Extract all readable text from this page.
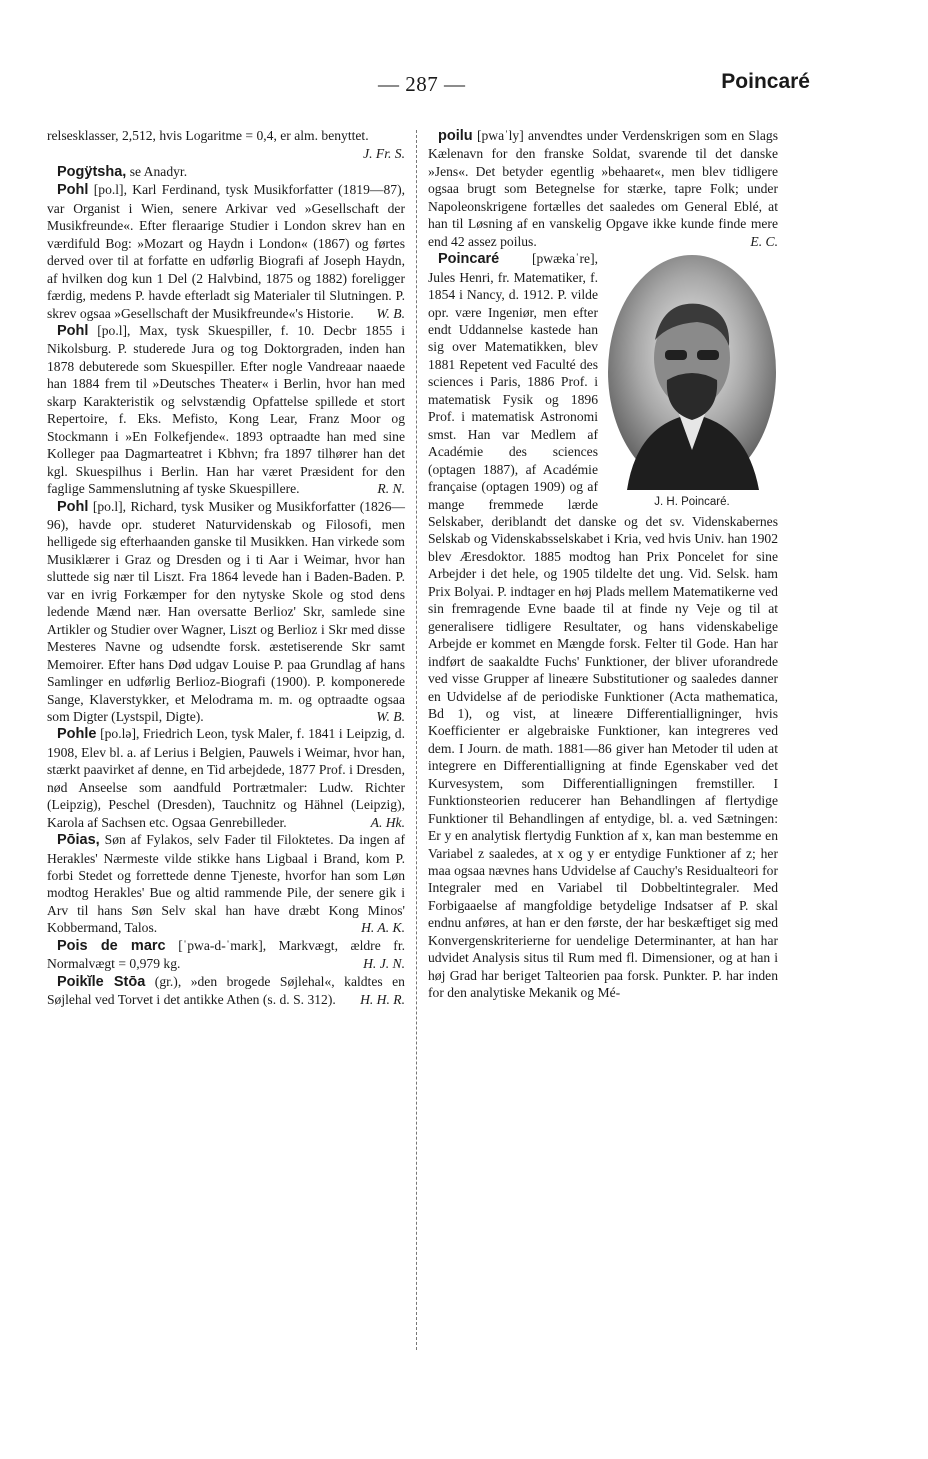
— 287 —	Poincaré

relsesklasser, 2,512, hvis Logaritme = 0,4, er alm. benyttet.
J. Fr. S.

Pogÿtsha, se Anadyr.

Pohl [po.l], Karl Ferdinand, tysk Musikforfatter (1819—87), var Organist i Wien, senere Arkivar ved »Gesellschaft der Musikfreunde«. Efter fleraarige Studier i London skrev han en værdifuld Bog: »Mozart og Haydn i London« (1867) og førtes derved over til at forfatte en udførlig Biografi af Joseph Haydn, af hvilken dog kun 1 Del (2 Halvbind, 1875 og 1882) foreligger færdig, medens P. havde efterladt sig Materialer til Slutningen. P. skrev ogsaa »Gesellschaft der Musikfreunde«'s Historie.	W. B.

Pohl [po.l], Max, tysk Skuespiller, f. 10. Decbr 1855 i Nikolsburg. P. studerede Jura og tog Doktorgraden, inden han 1878 debuterede som Skuespiller. Efter nogle Vandreaar naaede han 1884 frem til »Deutsches Theater« i Berlin, hvor han med skarp Karakteristik og selvstændig Opfattelse spillede et stort Repertoire, f. Eks. Mefisto, Kong Lear, Franz Moor og Stockmann i »En Folkefjende«. 1893 optraadte han med sine Kolleger paa Dagmarteatret i Kbhvn; fra 1897 tilhører han det kgl. Skuespilhus i Berlin. Han har været Præsident for den faglige Sammenslutning af tyske Skuespillere.	R. N.

Pohl [po.l], Richard, tysk Musiker og Musikforfatter (1826—96), havde opr. studeret Naturvidenskab og Filosofi, men helligede sig efterhaanden ganske til Musikken. Han virkede som Musiklærer i Graz og Dresden og i ti Aar i Weimar, hvor han sluttede sig nær til Liszt. Fra 1864 levede han i Baden-Baden. P. var en ivrig Forkæmper for den nytyske Skole og stod dens ledende Mænd nær. Han oversatte Berlioz' Skr, samlede sine Artikler og Studier over Wagner, Liszt og Berlioz i Skr med disse Mesteres Navne og udsendte forsk. æstetiserende Skr samt Memoirer. Efter hans Død udgav Louise P. paa Grundlag af hans Samlinger en udførlig Berlioz-Biografi (1900). P. komponerede Sange, Klaverstykker, et Melodrama m. m. og optraadte ogsaa som Digter (Lystspil, Digte).	W. B.

Pohle [po.lə], Friedrich Leon, tysk Maler, f. 1841 i Leipzig, d. 1908, Elev bl. a. af Lerius i Belgien, Pauwels i Weimar, hvor han, stærkt paavirket af denne, en Tid arbejdede, 1877 Prof. i Dresden, nød Anseelse som aandfuld Portrætmaler: Ludw. Richter (Leipzig), Peschel (Dresden), Tauchnitz og Hähnel (Leipzig), Karola af Sachsen etc. Ogsaa Genrebilleder.	A. Hk.

Pōias, Søn af Fylakos, selv Fader til Filoktetes. Da ingen af Herakles' Nærmeste vilde stikke hans Ligbaal i Brand, kom P. forbi Stedet og forrettede denne Tjeneste, hvorfor han som Løn modtog Herakles' Bue og altid rammende Pile, der senere gik i Arv til hans Søn Selv skal han have dræbt Kong Minos' Kobbermand, Talos.	H. A. K.

Pois de marc [ˈpwa-d-ˈmark], Markvægt, ældre fr. Normalvægt = 0,979 kg.	H. J. N.

Poikĭle Stōa (gr.), »den brogede Søjlehal«, kaldtes en Søjlehal ved Torvet i det antikke Athen (s. d. S. 312).	H. H. R.

poilu [pwaˈly] anvendtes under Verdenskrigen som en Slags Kælenavn for den franske Soldat, svarende til det danske »Jens«. Det betyder egentlig »behaaret«, men blev tidligere ogsaa brugt som Betegnelse for stærke, tapre Folk; under Napoleonskrigene fortælles det saaledes om General Eblé, at han til Løsning af en vanskelig Opgave ikke kunde finde mere end 42 assez poilus.	E. C.

Poincaré
J. H. Poincaré.
[pwækaˈre], Jules Henri, fr. Matematiker, f. 1854 i Nancy, d. 1912. P. vilde opr. være Ingeniør, men efter endt Uddannelse kastede han sig over Matematikken, blev 1881 Repetent ved Faculté des sciences i Paris, 1886 Prof. i matematisk Fysik og 1896 Prof. i matematisk Astronomi smst. Han var Medlem af Académie des sciences (optagen 1887), af Académie française (optagen 1909) og af mange fremmede lærde Selskaber, deriblandt det danske og det sv. Videnskabernes Selskab og Videnskabsselskabet i Kria, ved hvis Univ. han 1902 blev Æresdoktor. 1885 modtog han Prix Poncelet for sine Arbejder i det hele, og 1905 tildelte det ung. Vid. Selsk. ham Prix Bolyai. P. indtager en høj Plads mellem Matematikerne ved sin fremragende Evne baade til at finde ny Veje og til at generalisere tidligere Resultater, og hans videnskabelige Arbejde er kommet en Mængde forsk. Felter til Gode. Han har indført de saakaldte Fuchs' Funktioner, der bliver uforandrede ved visse Grupper af lineære Substitutioner og saaledes danner en Udvidelse af de periodiske Funktioner (Acta mathematica, Bd 1), og vist, at lineære Differentialligninger, hvis Koefficienter er algebraiske Funktioner, kan integreres ved dem. I Journ. de math. 1881—86 giver han Metoder til uden at integrere en Differentialligning at finde Egenskaber ved det Kurvesystem, som Differentialligningen fremstiller. I Funktionsteorien reducerer han Behandlingen af flertydige Funktioner til Behandlingen af entydige, bl. a. ved Sætningen: Er y en analytisk flertydig Funktion af x, kan man bestemme en Variabel z saaledes, at x og y er entydige Funktioner af z; her maa ogsaa nævnes hans Udvidelse af Cauchy's Residualteori for Integraler med en Variabel til Dobbeltintegraler. Med Forbigaaelse af mangfoldige betydelige Indsatser af P. skal endnu anføres, at han er den første, der har beskæftiget sig med Konvergenskriterierne for uendelige Determinanter, at han har udvidet Analysis situs til Rum med fl. Dimensioner, og at han i høj Grad har beriget Talteorien paa forsk. Punkter. P. har inden for den analytiske Mekanik og Mé-
